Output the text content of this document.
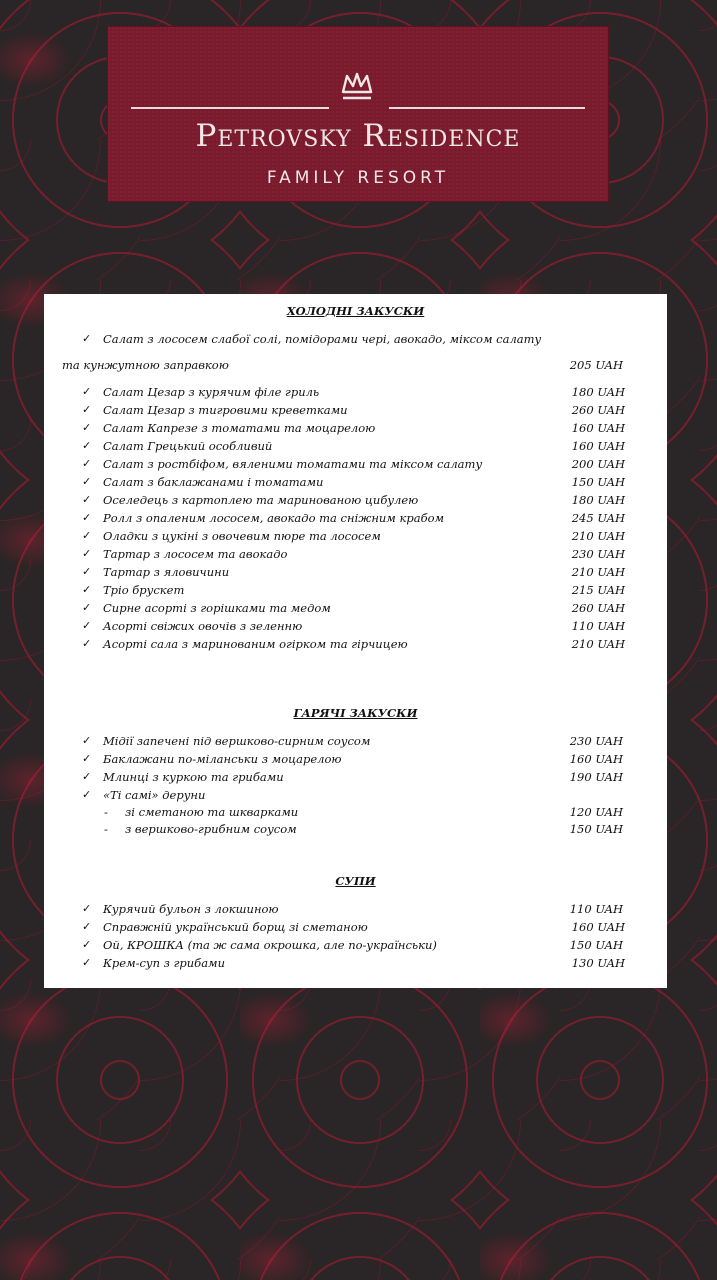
Petrovsky Residence
FAMILY RESORT
ХОЛОДНІ ЗАКУСКИ
✓ Салат з лососем слабої солі, помідорами чері, авокадо, міксом салату
та кунжутною заправкою	205 UAH
✓ Салат Цезар з курячим філе гриль	180 UAH
✓ Салат Цезар з тигровими креветками	260 UAH
✓ Салат Капрезе з томатами та моцарелою	160 UAH
✓ Салат Грецький особливий	160 UAH
✓ Салат з ростбіфом, вяленими томатами та міксом салату	200 UAH
✓ Салат з баклажанами і томатами	150 UAH
✓ Оселедець з картоплею та маринованою цибулею	180 UAH
✓ Ролл з опаленим лососем, авокадо та сніжним крабом	245 UAH
✓ Оладки з цукіні з овочевим пюре та лососем	210 UAH
✓ Тартар з лососем та авокадо	230 UAH
✓ Тартар з яловичини	210 UAH
✓ Тріо брускет	215 UAH
✓ Сирне асорті з горішками та медом	260 UAH
✓ Асорті свіжих овочів з зеленню	110 UAH
✓ Асорті сала з маринованим огірком та гірчицею	210 UAH
ГАРЯЧІ ЗАКУСКИ
✓ Мідії запечені під вершково-сирним соусом	230 UAH
✓ Баклажани по-міланськи з моцарелою	160 UAH
✓ Млинці з куркою та грибами	190 UAH
✓ «Ті самі» деруни
- зі сметаною та шкварками	120 UAH
- з вершково-грибним соусом	150 UAH
СУПИ
✓ Курячий бульон з локшиною	110 UAH
✓ Справжній український борщ зі сметаною	160 UAH
✓ Ой, КРОШКА (та ж сама окрошка, але по-українськи)	150 UAH
✓ Крем-суп з грибами	130 UAH
